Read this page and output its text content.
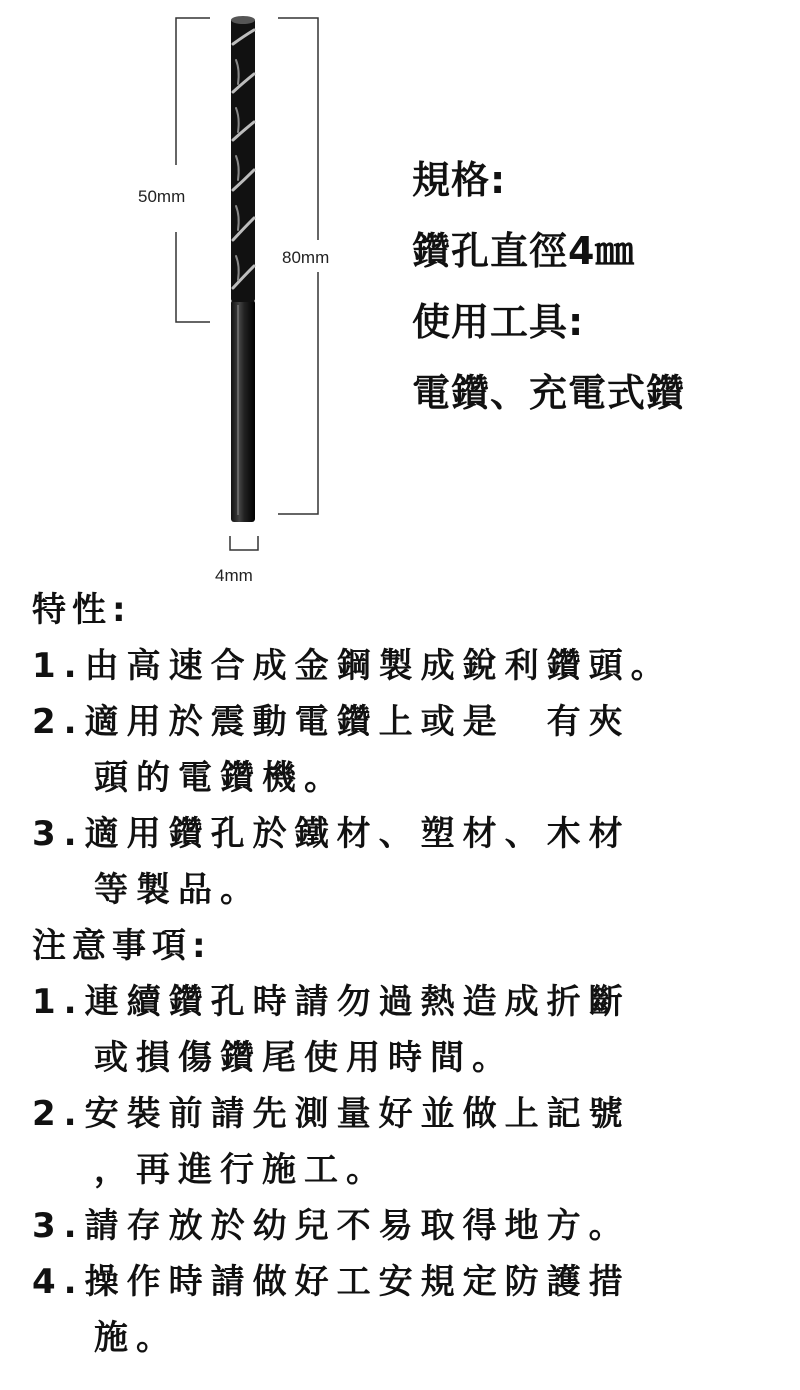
50mm
80mm
4mm
規格:
鑽孔直徑4㎜
使用工具:
電鑽、充電式鑽
特性:
1.由高速合成金鋼製成銳利鑽頭。
2.適用於震動電鑽上或是　有夾
頭的電鑽機。
3.適用鑽孔於鐵材、塑材、木材
等製品。
注意事項:
1.連續鑽孔時請勿過熱造成折斷
或損傷鑽尾使用時間。
2.安裝前請先測量好並做上記號
，再進行施工。
3.請存放於幼兒不易取得地方。
4.操作時請做好工安規定防護措
施。
